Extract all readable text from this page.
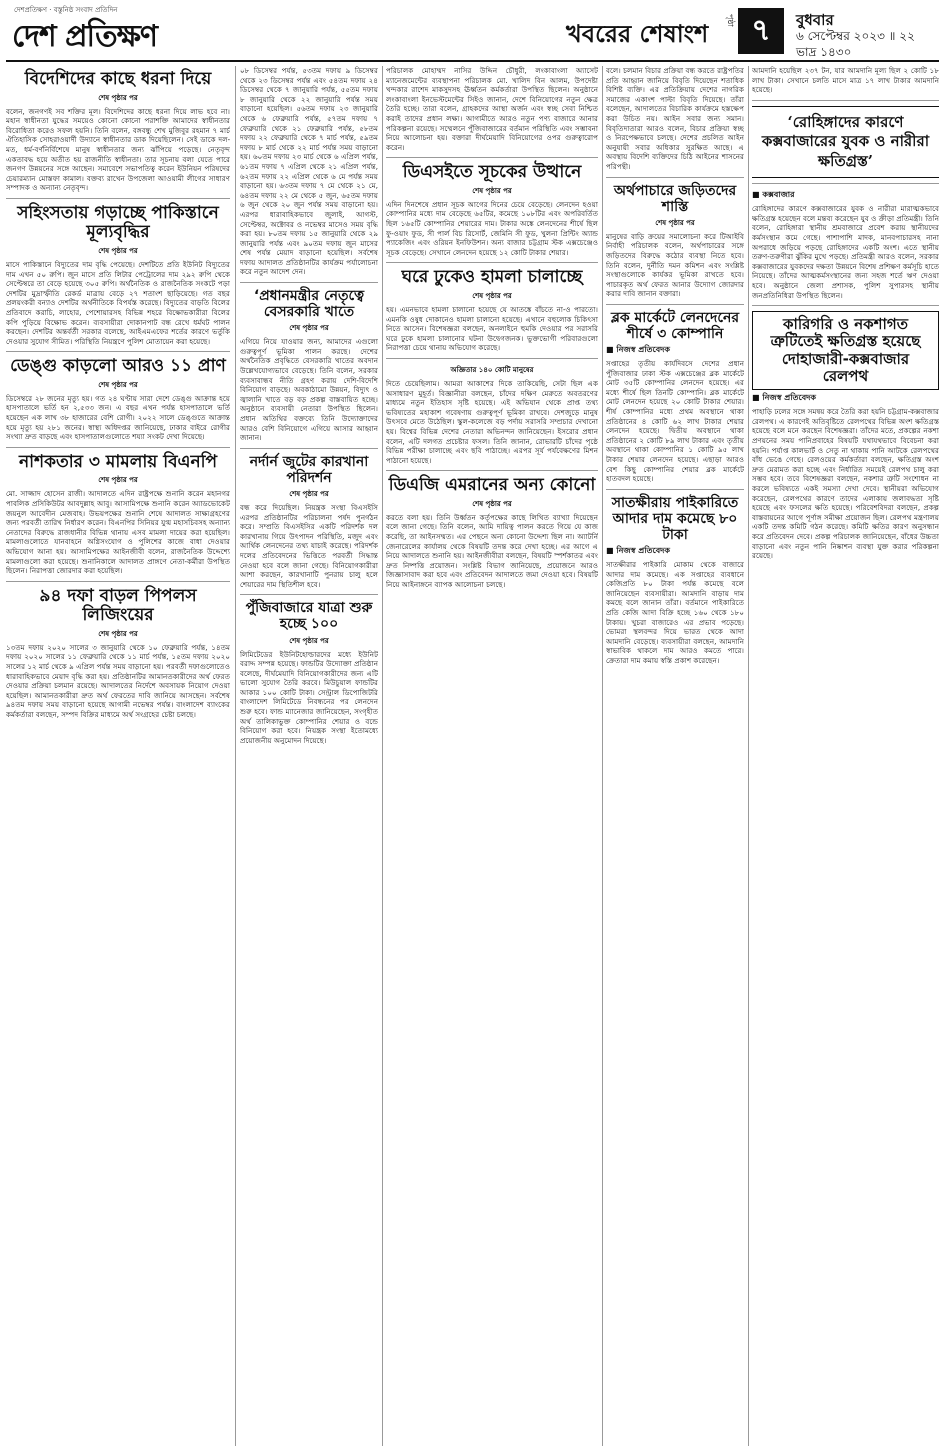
দেশপ্রতিক্ষণ · বস্তুনিষ্ঠ সংবাদ প্রতিদিন
দেশ প্রতিক্ষণ	খবরের শেষাংশ পৃষ্ঠা ৭	বুধবার
৬ সেপ্টেম্বর ২০২৩ ॥ ২২ ভাদ্র ১৪৩০
বিদেশিদের কাছে ধরনা দিয়ে
শেষ পৃষ্ঠার পর

বলেন, জনগণই সব শক্তির মূল। বিদেশিদের কাছে ধরনা দিয়ে লাভ হবে না। মহান স্বাধীনতা যুদ্ধের সময়েও কোনো কোনো পরাশক্তি আমাদের স্বাধীনতার বিরোধিতা করেও সফল হয়নি। তিনি বলেন, বঙ্গবন্ধু শেখ মুজিবুর রহমান ৭ মার্চ ঐতিহাসিক সোহরাওয়ার্দী উদ্যানে স্বাধীনতার ডাক দিয়েছিলেন। সেই ডাকে দল-মত, ধর্ম-বর্ণনির্বিশেষে মানুষ স্বাধীনতার জন্য ঝাঁপিয়ে পড়েছে। নেতৃবৃন্দ একতাবদ্ধ হয়ে অতীত হয় রাজনীতি স্বাধীনতা। তার সূচনায় বলা যেতে পারে জনগণ উন্নয়নের সঙ্গে আছেন। সমাবেশে সভাপতিত্ব করেন ইউনিয়ন পরিষদের চেয়ারম্যান মোস্তফা কামাল। বক্তব্য রাখেন উপজেলা আওয়ামী লীগের সাধারণ সম্পাদক ও অন্যান্য নেতৃবৃন্দ।

সহিংসতায় গড়াচ্ছে পাকিস্তানে মূল্যবৃদ্ধির
শেষ পৃষ্ঠার পর

মাসে পাকিস্তানে বিদ্যুতের দাম বৃদ্ধি পেয়েছে। দেশটিতে প্রতি ইউনিট বিদ্যুতের দাম এখন ৫০ রুপি। জুন মাসে প্রতি লিটার পেট্রোলের দাম ২৯২ রুপি থেকে সেপ্টেম্বরে তা বেড়ে হয়েছে ৩০৫ রুপি। অর্থনৈতিক ও রাজনৈতিক সংকটে পড়া দেশটির মুদ্রাস্ফীতি রেকর্ড মাত্রায় বেড়ে ২৭ শতাংশ ছাড়িয়েছে। গত বছর প্রলয়ংকরী বন্যাও দেশটির অর্থনীতিকে বিপর্যস্ত করেছে। বিদ্যুতের বাড়তি বিলের প্রতিবাদে করাচি, লাহোর, পেশোয়ারসহ বিভিন্ন শহরে বিক্ষোভকারীরা বিলের কপি পুড়িয়ে বিক্ষোভ করেন। ব্যবসায়ীরা দোকানপাট বন্ধ রেখে ধর্মঘট পালন করছেন। দেশটির অন্তর্বর্তী সরকার বলেছে, আইএমএফের শর্তের কারণে ভর্তুকি দেওয়ার সুযোগ সীমিত। পরিস্থিতি নিয়ন্ত্রণে পুলিশ মোতায়েন করা হয়েছে।

ডেঙ্গু কাড়লো আরও ১১ প্রাণ
শেষ পৃষ্ঠার পর

ডিসেম্বরে ২৮ জনের মৃত্যু হয়। গত ২৪ ঘণ্টায় সারা দেশে ডেঙ্গু আক্রান্ত হয়ে হাসপাতালে ভর্তি হন ২,৫৩৩ জন। এ বছর এখন পর্যন্ত হাসপাতালে ভর্তি হয়েছেন এক লাখ ৩৮ হাজারের বেশি রোগী। ২০২২ সালে ডেঙ্গুতে আক্রান্ত হয়ে মৃত্যু হয় ২৮১ জনের। স্বাস্থ্য অধিদপ্তর জানিয়েছে, ঢাকার বাইরে রোগীর সংখ্যা দ্রুত বাড়ছে এবং হাসপাতালগুলোতে শয্যা সংকট দেখা দিয়েছে।

নাশকতার ৩ মামলায় বিএনপি
শেষ পৃষ্ঠার পর

মো. সাজ্জাদ হোসেন রাজী। আদালতে এদিন রাষ্ট্রপক্ষে শুনানি করেন মহানগর পাবলিক প্রসিকিউটর আবদুল্লাহ আবু। আসামিপক্ষে শুনানি করেন অ্যাডভোকেট জয়নুল আবেদীন মেজবাহ। উভয়পক্ষের শুনানি শেষে আদালত সাক্ষ্যগ্রহণের জন্য পরবর্তী তারিখ নির্ধারণ করেন। বিএনপির সিনিয়র যুগ্ম মহাসচিবসহ অন্যান্য নেতাদের বিরুদ্ধে রাজধানীর বিভিন্ন থানায় এসব মামলা দায়ের করা হয়েছিল। মামলাগুলোতে যানবাহনে অগ্নিসংযোগ ও পুলিশের কাজে বাধা দেওয়ার অভিযোগ আনা হয়। আসামিপক্ষের আইনজীবী বলেন, রাজনৈতিক উদ্দেশ্যে মামলাগুলো করা হয়েছে। শুনানিকালে আদালত প্রাঙ্গণে নেতা-কর্মীরা উপস্থিত ছিলেন। নিরাপত্তা জোরদার করা হয়েছিল।

৯৪ দফা বাড়ল পিপলস লিজিংয়ের
শেষ পৃষ্ঠার পর

১৩তম দফায় ২০২০ সালের ৩ জানুয়ারি থেকে ১০ ফেব্রুয়ারি পর্যন্ত, ১৪তম দফায় ২০২০ সালের ১১ ফেব্রুয়ারি থেকে ১১ মার্চ পর্যন্ত, ১৫তম দফায় ২০২০ সালের ১২ মার্চ থেকে ৯ এপ্রিল পর্যন্ত সময় বাড়ানো হয়। পরবর্তী দফাগুলোতেও ধারাবাহিকভাবে মেয়াদ বৃদ্ধি করা হয়। প্রতিষ্ঠানটির আমানতকারীদের অর্থ ফেরত দেওয়ার প্রক্রিয়া চলমান রয়েছে। আদালতের নির্দেশে অবসায়ক নিয়োগ দেওয়া হয়েছিল। আমানতকারীরা দ্রুত অর্থ ফেরতের দাবি জানিয়ে আসছেন। সর্বশেষ ৯৪তম দফায় সময় বাড়ানো হয়েছে আগামী নভেম্বর পর্যন্ত। বাংলাদেশ ব্যাংকের কর্মকর্তারা বলছেন, সম্পদ বিক্রির মাধ্যমে অর্থ সংগ্রহের চেষ্টা চলছে।

০৮ ডিসেম্বর পর্যন্ত, ৫৩তম দফায় ৯ ডিসেম্বর থেকে ২৩ ডিসেম্বর পর্যন্ত এবং ৫৪তম দফায় ২৪ ডিসেম্বর থেকে ৭ জানুয়ারি পর্যন্ত, ৫৫তম দফায় ৮ জানুয়ারি থেকে ২২ জানুয়ারি পর্যন্ত সময় বাড়ানো হয়েছিল। ৫৬তম দফায় ২৩ জানুয়ারি থেকে ৬ ফেব্রুয়ারি পর্যন্ত, ৫৭তম দফায় ৭ ফেব্রুয়ারি থেকে ২১ ফেব্রুয়ারি পর্যন্ত, ৫৮তম দফায় ২২ ফেব্রুয়ারি থেকে ৭ মার্চ পর্যন্ত, ৫৯তম দফায় ৮ মার্চ থেকে ২২ মার্চ পর্যন্ত সময় বাড়ানো হয়। ৬০তম দফায় ২৩ মার্চ থেকে ৬ এপ্রিল পর্যন্ত, ৬১তম দফায় ৭ এপ্রিল থেকে ২১ এপ্রিল পর্যন্ত, ৬২তম দফায় ২২ এপ্রিল থেকে ৬ মে পর্যন্ত সময় বাড়ানো হয়। ৬৩তম দফায় ৭ মে থেকে ২১ মে, ৬৪তম দফায় ২২ মে থেকে ৫ জুন, ৬৫তম দফায় ৬ জুন থেকে ২০ জুন পর্যন্ত সময় বাড়ানো হয়। এরপর ধারাবাহিকভাবে জুলাই, আগস্ট, সেপ্টেম্বর, অক্টোবর ও নভেম্বর মাসেও সময় বৃদ্ধি করা হয়। ৮০তম দফায় ১৫ জানুয়ারি থেকে ২৯ জানুয়ারি পর্যন্ত এবং ৯০তম দফায় জুন মাসের শেষ পর্যন্ত মেয়াদ বাড়ানো হয়েছিল। সর্বশেষ দফায় আদালত প্রতিষ্ঠানটির কার্যক্রম পর্যালোচনা করে নতুন আদেশ দেন।

‘প্রধানমন্ত্রীর নেতৃত্বে বেসরকারি খাতে
শেষ পৃষ্ঠার পর

এগিয়ে নিয়ে যাওয়ার জন্য, আমাদের এগুলো গুরুত্বপূর্ণ ভূমিকা পালন করছে। দেশের অর্থনৈতিক প্রবৃদ্ধিতে বেসরকারি খাতের অবদান উল্লেখযোগ্যভাবে বেড়েছে। তিনি বলেন, সরকার ব্যবসাবান্ধব নীতি গ্রহণ করায় দেশি-বিদেশি বিনিয়োগ বাড়ছে। অবকাঠামো উন্নয়ন, বিদ্যুৎ ও জ্বালানি খাতে বড় বড় প্রকল্প বাস্তবায়িত হচ্ছে। অনুষ্ঠানে ব্যবসায়ী নেতারা উপস্থিত ছিলেন। প্রধান অতিথির বক্তব্যে তিনি উদ্যোক্তাদের আরও বেশি বিনিয়োগে এগিয়ে আসার আহ্বান জানান।

নর্দার্ন জুটের কারখানা পরিদর্শন
শেষ পৃষ্ঠার পর

বন্ধ করে দিয়েছিল। নিয়ন্ত্রক সংস্থা বিএসইসি এরপর প্রতিষ্ঠানটির পরিচালনা পর্ষদ পুনর্গঠন করে। সম্প্রতি বিএসইসির একটি পরিদর্শক দল কারখানায় গিয়ে উৎপাদন পরিস্থিতি, মজুদ এবং আর্থিক লেনদেনের তথ্য যাচাই করেছে। পরিদর্শক দলের প্রতিবেদনের ভিত্তিতে পরবর্তী সিদ্ধান্ত নেওয়া হবে বলে জানা গেছে। বিনিয়োগকারীরা আশা করছেন, কারখানাটি পুনরায় চালু হলে শেয়ারের দাম স্থিতিশীল হবে।

পুঁজিবাজারে যাত্রা শুরু হচ্ছে ১০০
শেষ পৃষ্ঠার পর

লিমিটেডের ইউনিটহোল্ডারদের মধ্যে ইউনিট বরাদ্দ সম্পন্ন হয়েছে। ফান্ডটির উদ্যোক্তা প্রতিষ্ঠান বলেছে, দীর্ঘমেয়াদি বিনিয়োগকারীদের জন্য এটি ভালো সুযোগ তৈরি করবে। মিউচুয়াল ফান্ডটির আকার ১০০ কোটি টাকা। সেন্ট্রাল ডিপোজিটরি বাংলাদেশ লিমিটেডে নিবন্ধনের পর লেনদেন শুরু হবে। ফান্ড ম্যানেজার জানিয়েছেন, সংগৃহীত অর্থ তালিকাভুক্ত কোম্পানির শেয়ার ও বন্ডে বিনিয়োগ করা হবে। নিয়ন্ত্রক সংস্থা ইতোমধ্যে প্রয়োজনীয় অনুমোদন দিয়েছে।

পরিচালক মোহাম্মদ নাসির উদ্দিন চৌধুরী, লংকাবাংলা অ্যাসেট ম্যানেজমেন্টের ব্যবস্থাপনা পরিচালক মো. খালিদ বিন আলম, উপদেষ্টা খন্দকার রাশেদ মাকসুদসহ ঊর্ধ্বতন কর্মকর্তারা উপস্থিত ছিলেন। অনুষ্ঠানে লংকাবাংলা ইনভেস্টমেন্টের সিইও জানান, দেশে বিনিয়োগের নতুন ক্ষেত্র তৈরি হচ্ছে। তারা বলেন, গ্রাহকদের আস্থা অর্জন এবং স্বচ্ছ সেবা নিশ্চিত করাই তাদের প্রধান লক্ষ্য। আগামীতে আরও নতুন পণ্য বাজারে আনার পরিকল্পনা রয়েছে। সম্মেলনে পুঁজিবাজারের বর্তমান পরিস্থিতি এবং সম্ভাবনা নিয়ে আলোচনা হয়। বক্তারা দীর্ঘমেয়াদি বিনিয়োগের ওপর গুরুত্বারোপ করেন।

ডিএসইতে সূচকের উত্থানে
শেষ পৃষ্ঠার পর

এদিন দিনশেষে প্রধান সূচক আগের দিনের চেয়ে বেড়েছে। লেনদেন হওয়া কোম্পানির মধ্যে দাম বেড়েছে ৬৫টির, কমেছে ১০৮টির এবং অপরিবর্তিত ছিল ১৬৫টি কোম্পানির শেয়ারের দাম। টাকার অঙ্কে লেনদেনের শীর্ষে ছিল ফু-ওয়াং ফুড, সী পার্ল বিচ রিসোর্ট, জেমিনি সী ফুড, খুলনা প্রিন্টিং অ্যান্ড প্যাকেজিং এবং ওরিয়ন ইনফিউশন। অন্য বাজার চট্টগ্রাম স্টক এক্সচেঞ্জেও সূচক বেড়েছে। সেখানে লেনদেন হয়েছে ১২ কোটি টাকার শেয়ার।

ঘরে ঢুকেও হামলা চালাচ্ছে
শেষ পৃষ্ঠার পর

হয়। এমনভাবে হামলা চালানো হয়েছে যে আতঙ্কে বাঁচতে না-ও পারতো। এমনকি ওষুধ দোকানেও হামলা চালানো হয়েছে। এখানে বহুলোক চিকিৎসা নিতে আসেন। বিশেষজ্ঞরা বলছেন, অনলাইনে হুমকি দেওয়ার পর সরাসরি ঘরে ঢুকে হামলা চালানোর ঘটনা উদ্বেগজনক। ভুক্তভোগী পরিবারগুলো নিরাপত্তা চেয়ে থানায় অভিযোগ করেছে।

অজ্ঞিতার ১৪০ কোটি মানুষের

দিতে চেয়েছিলাম। আমরা আকাশের দিকে তাকিয়েছি, সেটা ছিল এক অসাধারণ মুহূর্ত। বিজ্ঞানীরা বলছেন, চাঁদের দক্ষিণ মেরুতে অবতরণের মাধ্যমে নতুন ইতিহাস সৃষ্টি হয়েছে। এই অভিযান থেকে প্রাপ্ত তথ্য ভবিষ্যতের মহাকাশ গবেষণায় গুরুত্বপূর্ণ ভূমিকা রাখবে। দেশজুড়ে মানুষ উৎসবে মেতে উঠেছিল। স্কুল-কলেজে বড় পর্দায় সরাসরি সম্প্রচার দেখানো হয়। বিশ্বের বিভিন্ন দেশের নেতারা অভিনন্দন জানিয়েছেন। ইসরোর প্রধান বলেন, এটি দলগত প্রচেষ্টার ফসল। তিনি জানান, রোভারটি চাঁদের পৃষ্ঠে বিভিন্ন পরীক্ষা চালাচ্ছে এবং ছবি পাঠাচ্ছে। এরপর সূর্য পর্যবেক্ষণের মিশন পাঠানো হয়েছে।

ডিএজি এমরানের অন্য কোনো
শেষ পৃষ্ঠার পর

করতে বলা হয়। তিনি উর্ধ্বতন কর্তৃপক্ষের কাছে লিখিত ব্যাখ্যা দিয়েছেন বলে জানা গেছে। তিনি বলেন, আমি দায়িত্ব পালন করতে গিয়ে যে কাজ করেছি, তা আইনসম্মত। এর পেছনে অন্য কোনো উদ্দেশ্য ছিল না। অ্যাটর্নি জেনারেলের কার্যালয় থেকে বিষয়টি তদন্ত করে দেখা হচ্ছে। এর আগে এ নিয়ে আদালতে শুনানি হয়। আইনজীবীরা বলছেন, বিষয়টি স্পর্শকাতর এবং দ্রুত নিষ্পত্তি প্রয়োজন। সংশ্লিষ্ট বিভাগ জানিয়েছে, প্রয়োজনে আরও জিজ্ঞাসাবাদ করা হবে এবং প্রতিবেদন আদালতে জমা দেওয়া হবে। বিষয়টি নিয়ে আইনাঙ্গনে ব্যাপক আলোচনা চলছে।

বলে। চলমান বিচার প্রক্রিয়া বন্ধ করতে রাষ্ট্রপতির প্রতি আহ্বান জানিয়ে বিবৃতি দিয়েছেন শতাধিক বিশিষ্ট ব্যক্তি। এর প্রতিক্রিয়ায় দেশের নাগরিক সমাজের একাংশ পাল্টা বিবৃতি দিয়েছে। তাঁরা বলেছেন, আদালতের বিচারিক কার্যক্রমে হস্তক্ষেপ করা উচিত নয়। আইন সবার জন্য সমান। বিবৃতিদাতারা আরও বলেন, বিচার প্রক্রিয়া স্বচ্ছ ও নিরপেক্ষভাবে চলছে। দেশের প্রচলিত আইন অনুযায়ী সবার অধিকার সুরক্ষিত আছে। এ অবস্থায় বিদেশি ব্যক্তিদের চিঠি আইনের শাসনের পরিপন্থী।

অর্থপাচারে জড়িতদের শাস্তি
শেষ পৃষ্ঠার পর

মানুষের বাড়ি ক্রয়ের সমালোচনা করে টিআইবি নির্বাহী পরিচালক বলেন, অর্থপাচারের সঙ্গে জড়িতদের বিরুদ্ধে কঠোর ব্যবস্থা নিতে হবে। তিনি বলেন, দুর্নীতি দমন কমিশন এবং সংশ্লিষ্ট সংস্থাগুলোকে কার্যকর ভূমিকা রাখতে হবে। পাচারকৃত অর্থ ফেরত আনার উদ্যোগ জোরদার করার দাবি জানান বক্তারা।

ব্লক মার্কেটে লেনদেনের শীর্ষে ৩ কোম্পানি
■ নিজস্ব প্রতিবেদক

সপ্তাহের তৃতীয় কার্যদিবসে দেশের প্রধান পুঁজিবাজার ঢাকা স্টক এক্সচেঞ্জের ব্লক মার্কেটে মোট ৩৫টি কোম্পানির লেনদেন হয়েছে। এর মধ্যে শীর্ষে ছিল তিনটি কোম্পানি। ব্লক মার্কেটে মোট লেনদেন হয়েছে ২০ কোটি টাকার শেয়ার। শীর্ষ কোম্পানির মধ্যে প্রথম অবস্থানে থাকা প্রতিষ্ঠানের ৪ কোটি ৬২ লাখ টাকার শেয়ার লেনদেন হয়েছে। দ্বিতীয় অবস্থানে থাকা প্রতিষ্ঠানের ২ কোটি ৮৯ লাখ টাকার এবং তৃতীয় অবস্থানে থাকা কোম্পানির ১ কোটি ৯৫ লাখ টাকার শেয়ার লেনদেন হয়েছে। এছাড়া আরও বেশ কিছু কোম্পানির শেয়ার ব্লক মার্কেটে হাতবদল হয়েছে।

সাতক্ষীরায় পাইকারিতে আদার দাম কমেছে ৮০ টাকা
■ নিজস্ব প্রতিবেদক

সাতক্ষীরার পাইকারি মোকাম থেকে বাজারে আদার দাম কমেছে। এক সপ্তাহের ব্যবধানে কেজিপ্রতি ৮০ টাকা পর্যন্ত কমেছে বলে জানিয়েছেন ব্যবসায়ীরা। আমদানি বাড়ায় দাম কমছে বলে জানান তাঁরা। বর্তমানে পাইকারিতে প্রতি কেজি আদা বিক্রি হচ্ছে ১৬০ থেকে ১৮০ টাকায়। খুচরা বাজারেও এর প্রভাব পড়েছে। ভোমরা স্থলবন্দর দিয়ে ভারত থেকে আদা আমদানি বেড়েছে। ব্যবসায়ীরা বলছেন, আমদানি স্বাভাবিক থাকলে দাম আরও কমতে পারে। ক্রেতারা দাম কমায় স্বস্তি প্রকাশ করেছেন।

আমদানি হয়েছিল ২৩৭ টন, যার আমদানি মূল্য ছিল ২ কোটি ১৮ লাখ টাকা। সেখানে চলতি মাসে মাত্র ১৭ লাখ টাকার আমদানি হয়েছে।

‘রোহিঙ্গাদের কারণে কক্সবাজারের যুবক ও নারীরা ক্ষতিগ্রস্ত’
■ কক্সবাজার

রোহিঙ্গাদের কারণে কক্সবাজারের যুবক ও নারীরা মারাত্মকভাবে ক্ষতিগ্রস্ত হয়েছেন বলে মন্তব্য করেছেন যুব ও ক্রীড়া প্রতিমন্ত্রী। তিনি বলেন, রোহিঙ্গারা স্থানীয় শ্রমবাজারে প্রবেশ করায় স্থানীয়দের কর্মসংস্থান কমে গেছে। পাশাপাশি মাদক, মানবপাচারসহ নানা অপরাধে জড়িয়ে পড়ছে রোহিঙ্গাদের একটি অংশ। এতে স্থানীয় তরুণ-তরুণীরা ঝুঁকির মুখে পড়ছে। প্রতিমন্ত্রী আরও বলেন, সরকার কক্সবাজারের যুবকদের দক্ষতা উন্নয়নে বিশেষ প্রশিক্ষণ কর্মসূচি হাতে নিয়েছে। তাঁদের আত্মকর্মসংস্থানের জন্য সহজ শর্তে ঋণ দেওয়া হবে। অনুষ্ঠানে জেলা প্রশাসক, পুলিশ সুপারসহ স্থানীয় জনপ্রতিনিধিরা উপস্থিত ছিলেন।

কারিগরি ও নকশাগত ত্রুটিতেই ক্ষতিগ্রস্ত হয়েছে দোহাজারী-কক্সবাজার রেলপথ
■ নিজস্ব প্রতিবেদক

পাহাড়ি ঢলের সঙ্গে সমন্বয় করে তৈরি করা হয়নি চট্টগ্রাম-কক্সবাজার রেলপথ। এ কারণেই অতিবৃষ্টিতে রেলপথের বিভিন্ন অংশ ক্ষতিগ্রস্ত হয়েছে বলে মনে করছেন বিশেষজ্ঞরা। তাঁদের মতে, প্রকল্পের নকশা প্রণয়নের সময় পানিপ্রবাহের বিষয়টি যথাযথভাবে বিবেচনা করা হয়নি। পর্যাপ্ত কালভার্ট ও সেতু না থাকায় পানি আটকে রেলপথের বাঁধ ভেঙে গেছে। রেলওয়ের কর্মকর্তারা বলছেন, ক্ষতিগ্রস্ত অংশ দ্রুত মেরামত করা হচ্ছে এবং নির্ধারিত সময়েই রেলপথ চালু করা সম্ভব হবে। তবে বিশেষজ্ঞরা বলছেন, নকশার ত্রুটি সংশোধন না করলে ভবিষ্যতে একই সমস্যা দেখা দেবে। স্থানীয়রা অভিযোগ করেছেন, রেলপথের কারণে তাদের এলাকায় জলাবদ্ধতা সৃষ্টি হয়েছে এবং ফসলের ক্ষতি হয়েছে। পরিবেশবিদরা বলছেন, প্রকল্প বাস্তবায়নের আগে পূর্ণাঙ্গ সমীক্ষা প্রয়োজন ছিল। রেলপথ মন্ত্রণালয় একটি তদন্ত কমিটি গঠন করেছে। কমিটি ক্ষতির কারণ অনুসন্ধান করে প্রতিবেদন দেবে। প্রকল্প পরিচালক জানিয়েছেন, বাঁধের উচ্চতা বাড়ানো এবং নতুন পানি নিষ্কাশন ব্যবস্থা যুক্ত করার পরিকল্পনা রয়েছে।
